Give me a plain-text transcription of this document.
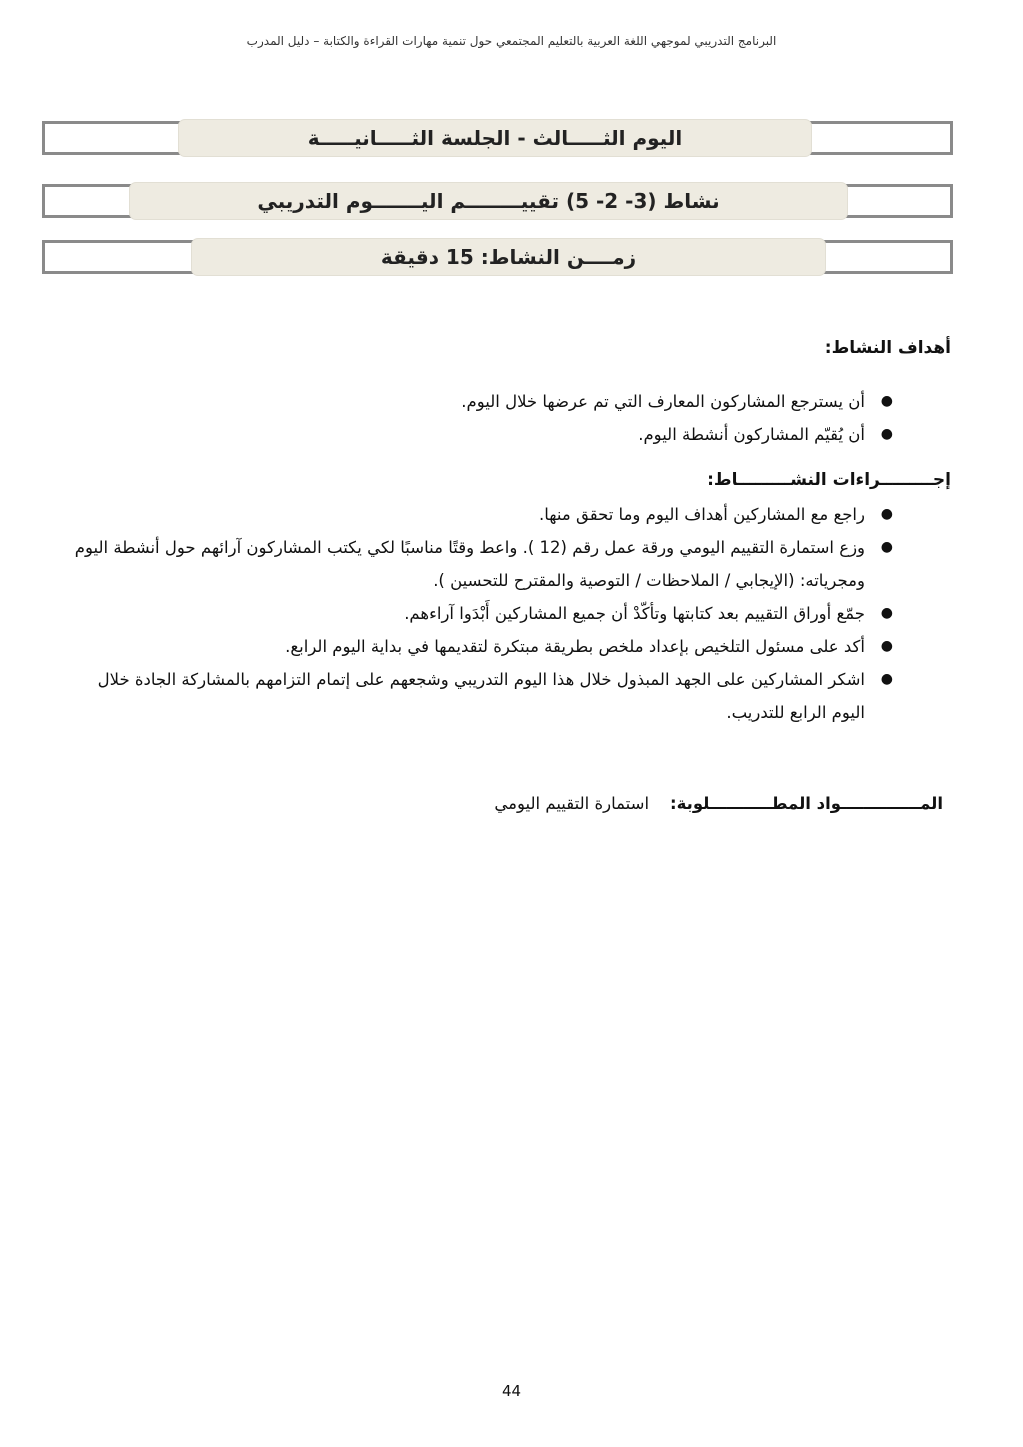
البرنامج التدريبي لموجهي اللغة العربية بالتعليم المجتمعي حول تنمية مهارات القراءة والكتابة – دليل المدرب
اليوم الثـــــالث - الجلسة الثـــــانيـــــة
نشاط (3- 2- 5) تقييــــــــم اليـــــــوم التدريبي
زمــــن النشاط: 15 دقيقة
أهداف النشاط:
●
أن يسترجع المشاركون المعارف التي تم عرضها خلال اليوم.
●
أن يُقيّم المشاركون أنشطة اليوم.
إجـــــــــراءات النشـــــــــاط:
●
راجع مع المشاركين أهداف اليوم وما تحقق منها.
●
وزع استمارة التقييم اليومي ورقة عمل رقم (12 ). واعط وقتًا مناسبًا لكي يكتب المشاركون آرائهم حول أنشطة اليوم ومجرياته: (الإيجابي / الملاحظات / التوصية والمقترح للتحسين ).
●
جمّع أوراق التقييم بعد كتابتها وتأكّدْ أن جميع المشاركين أَبْدَوا آراءهم.
●
أكد على مسئول التلخيص بإعداد ملخص بطريقة مبتكرة لتقديمها في بداية اليوم الرابع.
●
اشكر المشاركين على الجهد المبذول خلال هذا اليوم التدريبي وشجعهم على إتمام التزامهم بالمشاركة الجادة خلال اليوم الرابع للتدريب.
المــــــــــــــواد المطـــــــــــلوبة:    استمارة التقييم اليومي
44
